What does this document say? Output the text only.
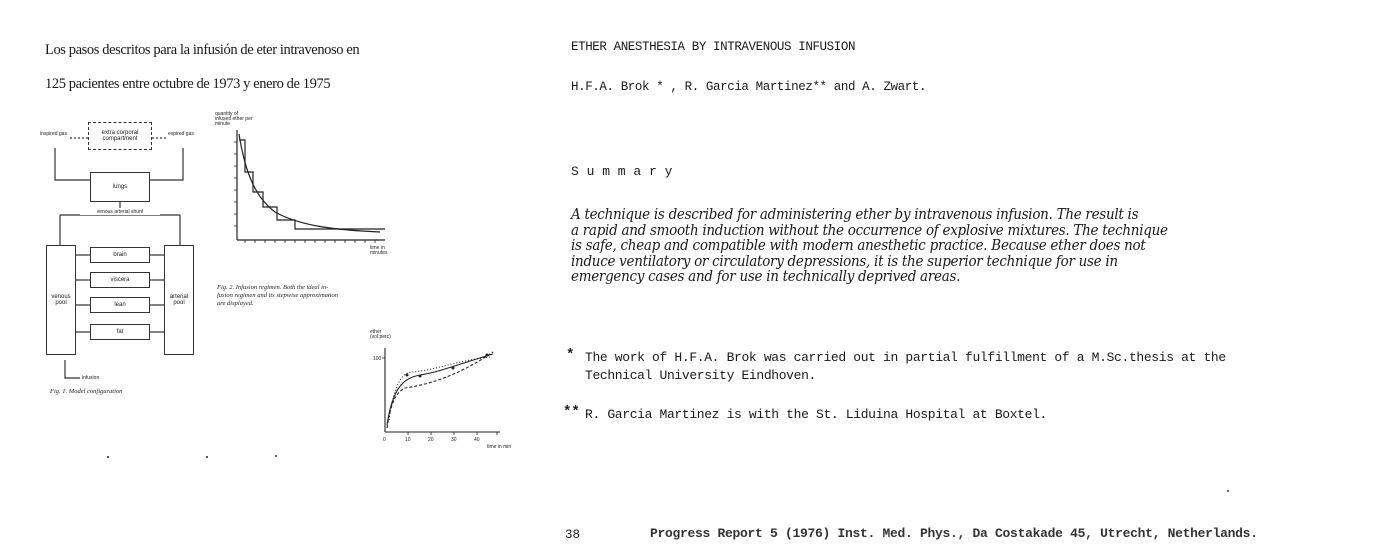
Los pasos descritos para la infusión de eter intravenoso en
125 pacientes entre octubre de 1973 y enero de 1975
inspired gas	expired gas
extra corporal compartment
lungs
venous arterial shunt
venous pool
arterial pool
brain
viscera
lean
fat
infusion
Fig. 1. Model configuration
quantity of infused ether per minute
time in minutes
Fig. 2. Infusion regimen. Both the ideal in-
fusion regimen and its stepwise approximation
are displayed.
ether (vol.perc)
100
0	10	20	30	40
time in min
ETHER ANESTHESIA BY INTRAVENOUS INFUSION
H.F.A. Brok * , R. Garcia Martinez** and A. Zwart.
S u m m a r y
A technique is described for administering ether by intravenous infusion. The result is
a rapid and smooth induction without the occurrence of explosive mixtures. The technique
is safe, cheap and compatible with modern anesthetic practice. Because ether does not
induce ventilatory or circulatory depressions, it is the superior technique for use in
emergency cases and for use in technically deprived areas.
* The work of H.F.A. Brok was carried out in partial fulfillment of a M.Sc.thesis at the
Technical University Eindhoven.
** R. Garcia Martinez is with the St. Liduina Hospital at Boxtel.
38	Progress Report 5 (1976) Inst. Med. Phys., Da Costakade 45, Utrecht, Netherlands.
